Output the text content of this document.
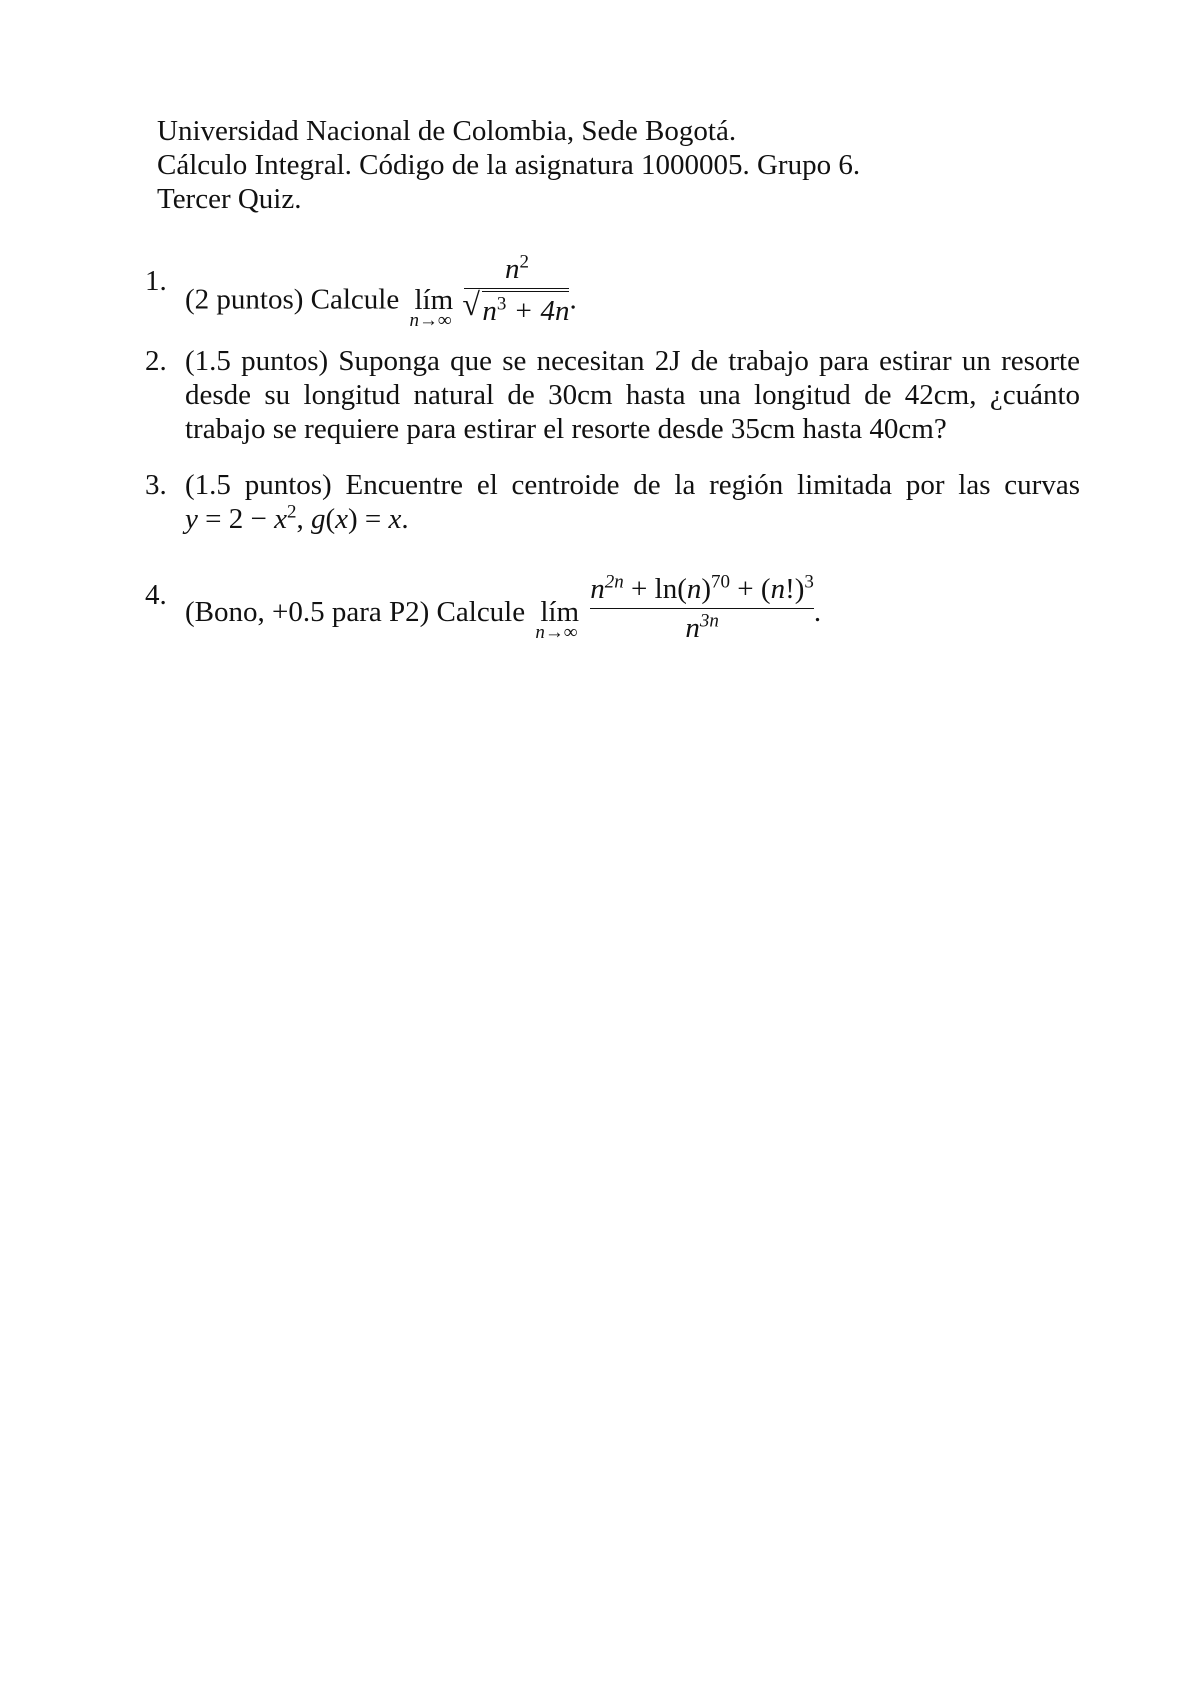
Universidad Nacional de Colombia, Sede Bogotá.
Cálculo Integral. Código de la asignatura 1000005. Grupo 6.
Tercer Quiz.
1.
(2 puntos) Calcule lím
n→∞
$\frac{n^2}{√ n^3 + 4n}$ .
2. (1.5 puntos) Suponga que se necesitan 2J de trabajo para estirar un resorte
desde su longitud natural de 30cm hasta una longitud de 42cm, ¿cuánto
trabajo se requiere para estirar el resorte desde 35cm hasta 40cm?
3. (1.5 puntos) Encuentre el centroide de la región limitada por las curvas
$y = 2 - x^2$, g(x) = x.
4.
(Bono, +0.5 para P2) Calcule lím
n→∞
$\frac{n^{2n} + \ln(n)^{70} + (n!)^3}{n^{3n}}$ .
